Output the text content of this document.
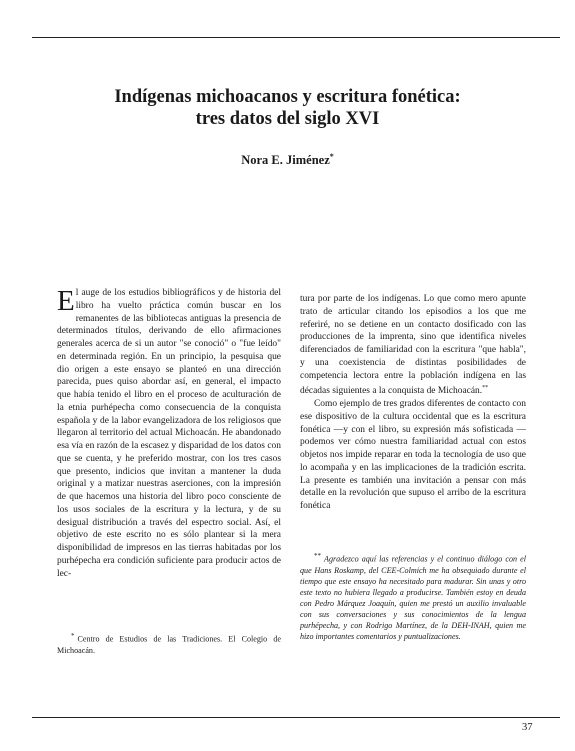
Indígenas michoacanos y escritura fonética:
tres datos del siglo XVI
Nora E. Jiménez*

El auge de los estudios bibliográficos y de historia del libro ha vuelto práctica común buscar en los remanentes de las bibliotecas antiguas la presencia de determinados títulos, derivando de ello afirmaciones generales acerca de si un autor "se conoció" o "fue leído" en determinada región. En un principio, la pesquisa que dio origen a este ensayo se planteó en una dirección parecida, pues quiso abordar así, en general, el impacto que había tenido el libro en el proceso de aculturación de la etnia purhépecha como consecuencia de la conquista española y de la labor evangelizadora de los religiosos que llegaron al territorio del actual Michoacán. He abandonado esa vía en razón de la escasez y disparidad de los datos con que se cuenta, y he preferido mostrar, con los tres casos que presento, indicios que invitan a mantener la duda original y a matizar nuestras aserciones, con la impresión de que hacemos una historia del libro poco consciente de los usos sociales de la escritura y la lectura, y de su desigual distribución a través del espectro social. Así, el objetivo de este escrito no es sólo plantear si la mera disponibilidad de impresos en las tierras habitadas por los purhépecha era condición suficiente para producir actos de lec-

tura por parte de los indígenas. Lo que como mero apunte trato de articular citando los episodios a los que me referiré, no se detiene en un contacto dosificado con las producciones de la imprenta, sino que identifica niveles diferenciados de familiaridad con la escritura "que habla", y una coexistencia de distintas posibilidades de competencia lectora entre la población indígena en las décadas siguientes a la conquista de Michoacán.**

Como ejemplo de tres grados diferentes de contacto con ese dispositivo de la cultura occidental que es la escritura fonética —y con el libro, su expresión más sofisticada —podemos ver cómo nuestra familiaridad actual con estos objetos nos impide reparar en toda la tecnología de uso que lo acompaña y en las implicaciones de la tradición escrita. La presente es también una invitación a pensar con más detalle en la revolución que supuso el arribo de la escritura fonética

* Centro de Estudios de las Tradiciones. El Colegio de Michoacán.
** Agradezco aquí las referencias y el continuo diálogo con el que Hans Roskamp, del CEE-Colmich me ha obsequiado durante el tiempo que este ensayo ha necesitado para madurar. Sin unas y otro este texto no hubiera llegado a producirse. También estoy en deuda con Pedro Márquez Joaquín, quien me prestó un auxilio invaluable con sus conversaciones y sus conocimientos de la lengua purhépecha, y con Rodrigo Martínez, de la DEH-INAH, quien me hizo importantes comentarios y puntualizaciones.
37
